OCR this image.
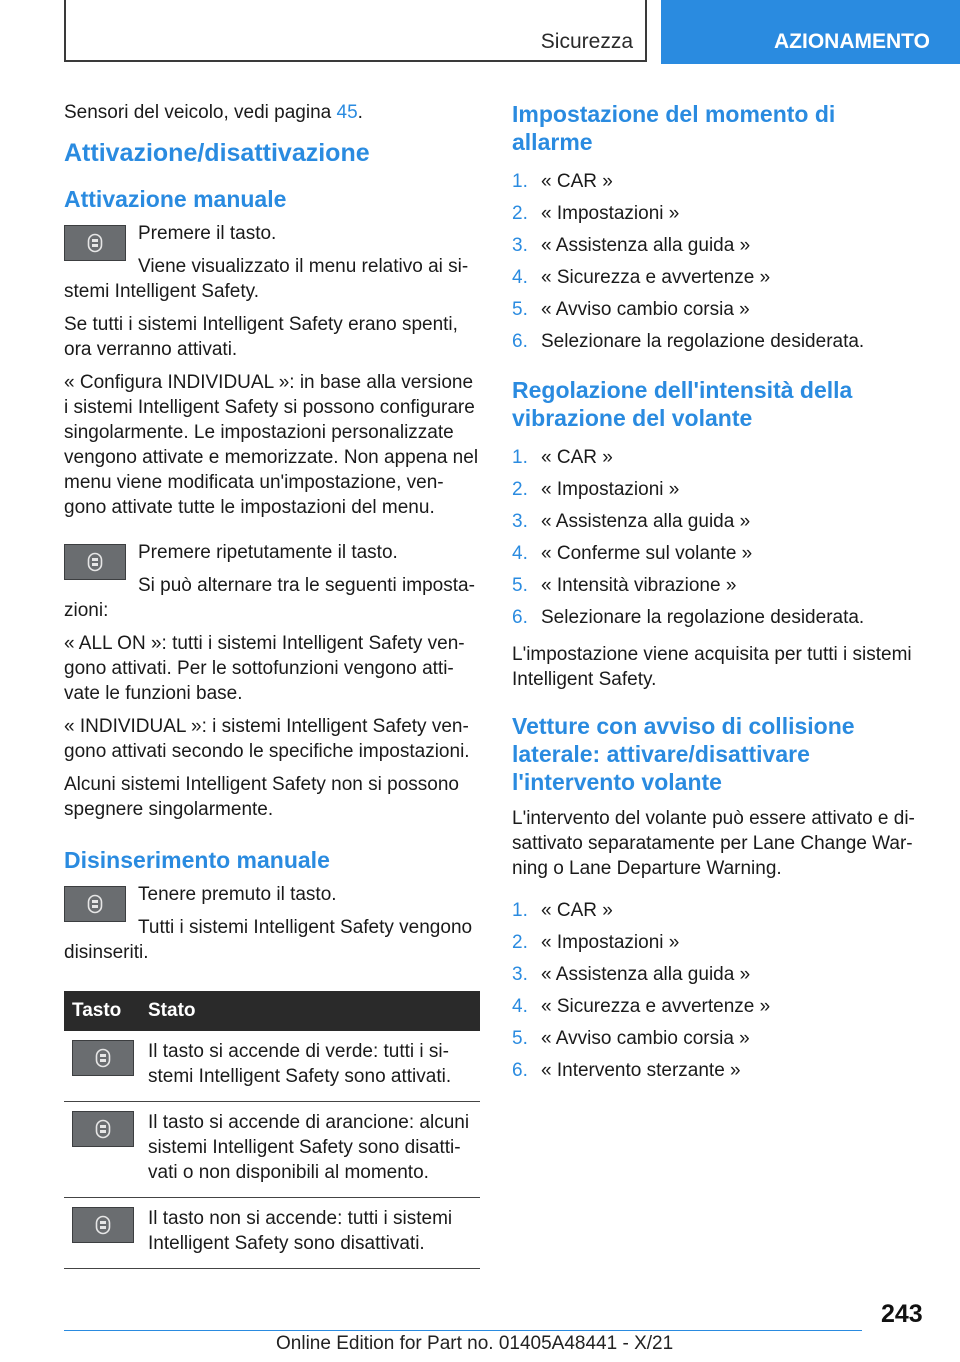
Sicurezza	AZIONAMENTO

Sensori del veicolo, vedi pagina 45.

Attivazione/disattivazione
Attivazione manuale

Premere il tasto.

Viene visualizzato il menu relativo ai si-stemi Intelligent Safety.

Se tutti i sistemi Intelligent Safety erano spenti, ora verranno attivati.

« Configura INDIVIDUAL »: in base alla versione i sistemi Intelligent Safety si possono configurare singolarmente. Le impostazioni personalizzate vengono attivate e memorizzate. Non appena nel menu viene modificata un'impostazione, ven-gono attivate tutte le impostazioni del menu.

Premere ripetutamente il tasto.

Si può alternare tra le seguenti imposta-zioni:

« ALL ON »: tutti i sistemi Intelligent Safety ven-gono attivati. Per le sottofunzioni vengono atti-vate le funzioni base.

« INDIVIDUAL »: i sistemi Intelligent Safety ven-gono attivati secondo le specifiche impostazioni.

Alcuni sistemi Intelligent Safety non si possono spegnere singolarmente.

Disinserimento manuale

Tenere premuto il tasto.

Tutti i sistemi Intelligent Safety vengono disinseriti.

Tasto	Stato

	Il tasto si accende di verde: tutti i si-stemi Intelligent Safety sono attivati.

	Il tasto si accende di arancione: alcuni sistemi Intelligent Safety sono disatti-vati o non disponibili al momento.

	Il tasto non si accende: tutti i sistemi Intelligent Safety sono disattivati.
Impostazione del momento di allarme
1. « CAR »
2. « Impostazioni »
3. « Assistenza alla guida »
4. « Sicurezza e avvertenze »
5. « Avviso cambio corsia »
6. Selezionare la regolazione desiderata.
Regolazione dell'intensità della vibrazione del volante
1. « CAR »
2. « Impostazioni »
3. « Assistenza alla guida »
4. « Conferme sul volante »
5. « Intensità vibrazione »
6. Selezionare la regolazione desiderata.

L'impostazione viene acquisita per tutti i sistemi Intelligent Safety.

Vetture con avviso di collisione laterale: attivare/disattivare l'intervento volante

L'intervento del volante può essere attivato e di-sattivato separatamente per Lane Change War-ning o Lane Departure Warning.

1. « CAR »
2. « Impostazioni »
3. « Assistenza alla guida »
4. « Sicurezza e avvertenze »
5. « Avviso cambio corsia »
6. « Intervento sterzante »
243
Online Edition for Part no. 01405A48441 - X/21
